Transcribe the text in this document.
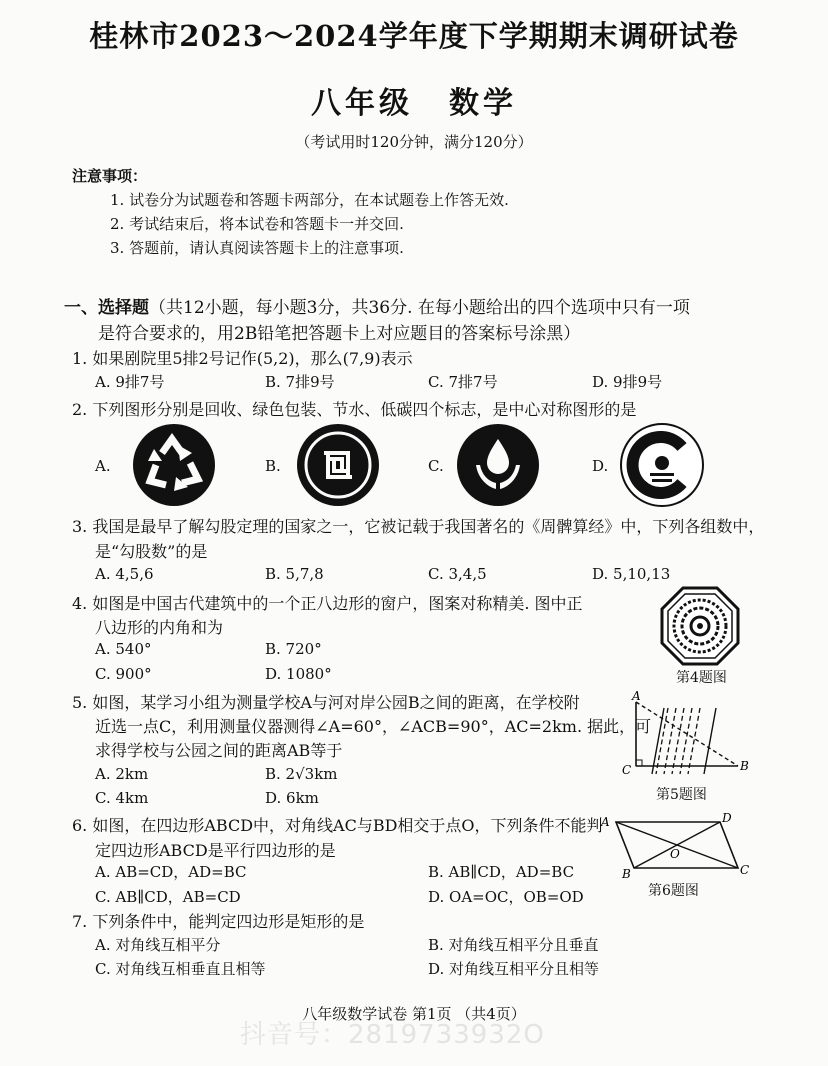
桂林市2023～2024学年度下学期期末调研试卷
八年级 数学
（考试用时120分钟，满分120分）
注意事项：
1. 试卷分为试题卷和答题卡两部分，在本试题卷上作答无效.
2. 考试结束后，将本试卷和答题卡一并交回.
3. 答题前，请认真阅读答题卡上的注意事项.
一、选择题（共12小题，每小题3分，共36分. 在每小题给出的四个选项中只有一项
是符合要求的，用2B铅笔把答题卡上对应题目的答案标号涂黑）
1. 如果剧院里5排2号记作(5,2)，那么(7,9)表示
A. 9排7号	B. 7排9号	C. 7排7号	D. 9排9号
2. 下列图形分别是回收、绿色包装、节水、低碳四个标志，是中心对称图形的是
A.	B.	C.	D.
3. 我国是最早了解勾股定理的国家之一，它被记载于我国著名的《周髀算经》中，下列各组数中，
是“勾股数”的是
A. 4,5,6	B. 5,7,8	C. 3,4,5	D. 5,10,13
4. 如图是中国古代建筑中的一个正八边形的窗户，图案对称精美. 图中正
八边形的内角和为
A. 540°	B. 720°
C. 900°	D. 1080°	第4题图
5. 如图，某学习小组为测量学校A与河对岸公园B之间的距离，在学校附
近选一点C，利用测量仪器测得∠A=60°，∠ACB=90°，AC=2km. 据此，可
求得学校与公园之间的距离AB等于
A. 2km	B. 2√3km
C. 4km	D. 6km
A
C	B
第5题图
6. 如图，在四边形ABCD中，对角线AC与BD相交于点O，下列条件不能判
定四边形ABCD是平行四边形的是
A. AB=CD，AD=BC	B. AB∥CD，AD=BC
C. AB∥CD，AB=CD	D. OA=OC，OB=OD
A	D
O
B	C
第6题图
7. 下列条件中，能判定四边形是矩形的是
A. 对角线互相平分	B. 对角线互相平分且垂直
C. 对角线互相垂直且相等	D. 对角线互相平分且相等
八年级数学试卷 第1页 （共4页）
抖音号：2819733932O
